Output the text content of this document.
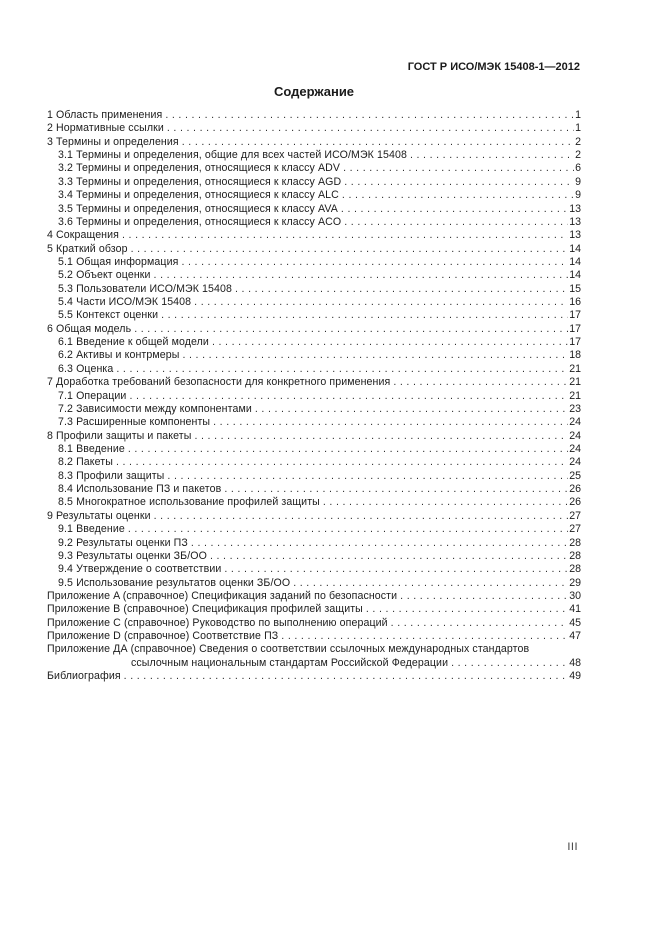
ГОСТ Р ИСО/МЭК 15408-1—2012
Содержание
1 Область применения .....	1
2 Нормативные ссылки .....	1
3 Термины и определения .....	2
3.1 Термины и определения, общие для всех частей ИСО/МЭК 15408 .....	2
3.2 Термины и определения, относящиеся к классу ADV .....	6
3.3 Термины и определения, относящиеся к классу AGD .....	9
3.4 Термины и определения, относящиеся к классу ALC .....	9
3.5 Термины и определения, относящиеся к классу AVA .....	13
3.6 Термины и определения, относящиеся к классу ACO .....	13
4 Сокращения .....	13
5 Краткий обзор .....	14
5.1 Общая информация .....	14
5.2 Объект оценки .....	14
5.3 Пользователи ИСО/МЭК 15408 .....	15
5.4 Части ИСО/МЭК 15408 .....	16
5.5 Контекст оценки .....	17
6 Общая модель .....	17
6.1 Введение к общей модели .....	17
6.2 Активы и контрмеры .....	18
6.3 Оценка .....	21
7 Доработка требований безопасности для конкретного применения .....	21
7.1 Операции .....	21
7.2 Зависимости между компонентами .....	23
7.3 Расширенные компоненты .....	24
8 Профили защиты и пакеты .....	24
8.1 Введение .....	24
8.2 Пакеты .....	24
8.3 Профили защиты .....	25
8.4 Использование ПЗ и пакетов .....	26
8.5 Многократное использование профилей защиты .....	26
9 Результаты оценки .....	27
9.1 Введение .....	27
9.2 Результаты оценки ПЗ .....	28
9.3 Результаты оценки ЗБ/ОО .....	28
9.4 Утверждение о соответствии .....	28
9.5 Использование результатов оценки ЗБ/ОО .....	29
Приложение A (справочное) Спецификация заданий по безопасности .....	30
Приложение B (справочное) Спецификация профилей защиты .....	41
Приложение C (справочное) Руководство по выполнению операций .....	45
Приложение D (справочное) Соответствие ПЗ .....	47
Приложение ДА (справочное) Сведения о соответствии ссылочных международных стандартов
ссылочным национальным стандартам Российской Федерации .....	48
Библиография .....	49
III
